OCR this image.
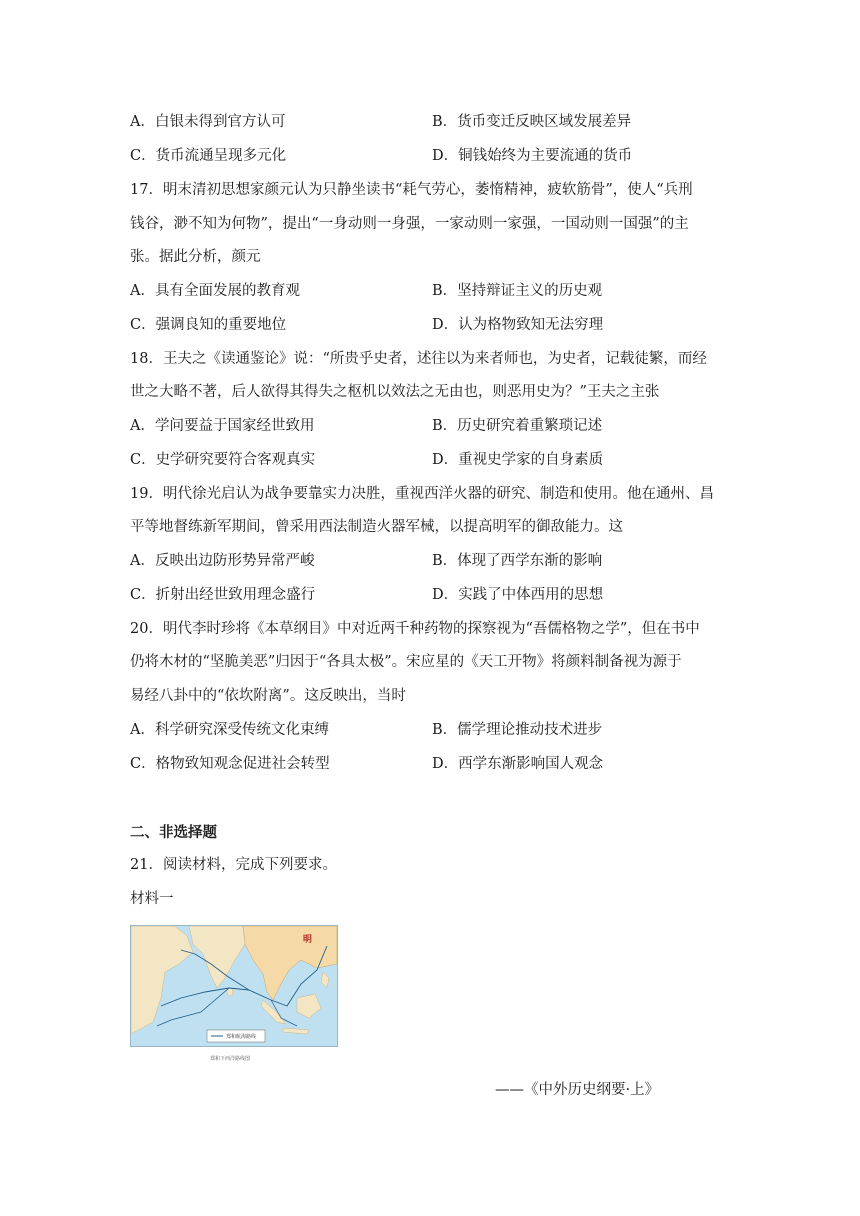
A．白银未得到官方认可	B．货币变迁反映区域发展差异
C．货币流通呈现多元化	D．铜钱始终为主要流通的货币
17．明末清初思想家颜元认为只静坐读书“耗气劳心，萎惰精神，疲软筋骨”，使人“兵刑
钱谷，渺不知为何物”，提出“一身动则一身强，一家动则一家强，一国动则一国强”的主
张。据此分析，颜元
A．具有全面发展的教育观	B．坚持辩证主义的历史观
C．强调良知的重要地位	D．认为格物致知无法穷理
18．王夫之《读通鉴论》说：“所贵乎史者，述往以为来者师也，为史者，记载徒繁，而经
世之大略不著，后人欲得其得失之枢机以效法之无由也，则恶用史为？”王夫之主张
A．学问要益于国家经世致用	B．历史研究着重繁琐记述
C．史学研究要符合客观真实	D．重视史学家的自身素质
19．明代徐光启认为战争要靠实力决胜，重视西洋火器的研究、制造和使用。他在通州、昌
平等地督练新军期间，曾采用西法制造火器军械，以提高明军的御敌能力。这
A．反映出边防形势异常严峻	B．体现了西学东渐的影响
C．折射出经世致用理念盛行	D．实践了中体西用的思想
20．明代李时珍将《本草纲目》中对近两千种药物的探察视为“吾儒格物之学”，但在书中
仍将木材的“坚脆美恶”归因于“各具太极”。宋应星的《天工开物》将颜料制备视为源于
易经八卦中的“依坎附离”。这反映出，当时
A．科学研究深受传统文化束缚	B．儒学理论推动技术进步
C．格物致知观念促进社会转型	D．西学东渐影响国人观念
二、非选择题
21．阅读材料，完成下列要求。
材料一
郑和航海路线
明
郑和下西洋路线图
——《中外历史纲要·上》
